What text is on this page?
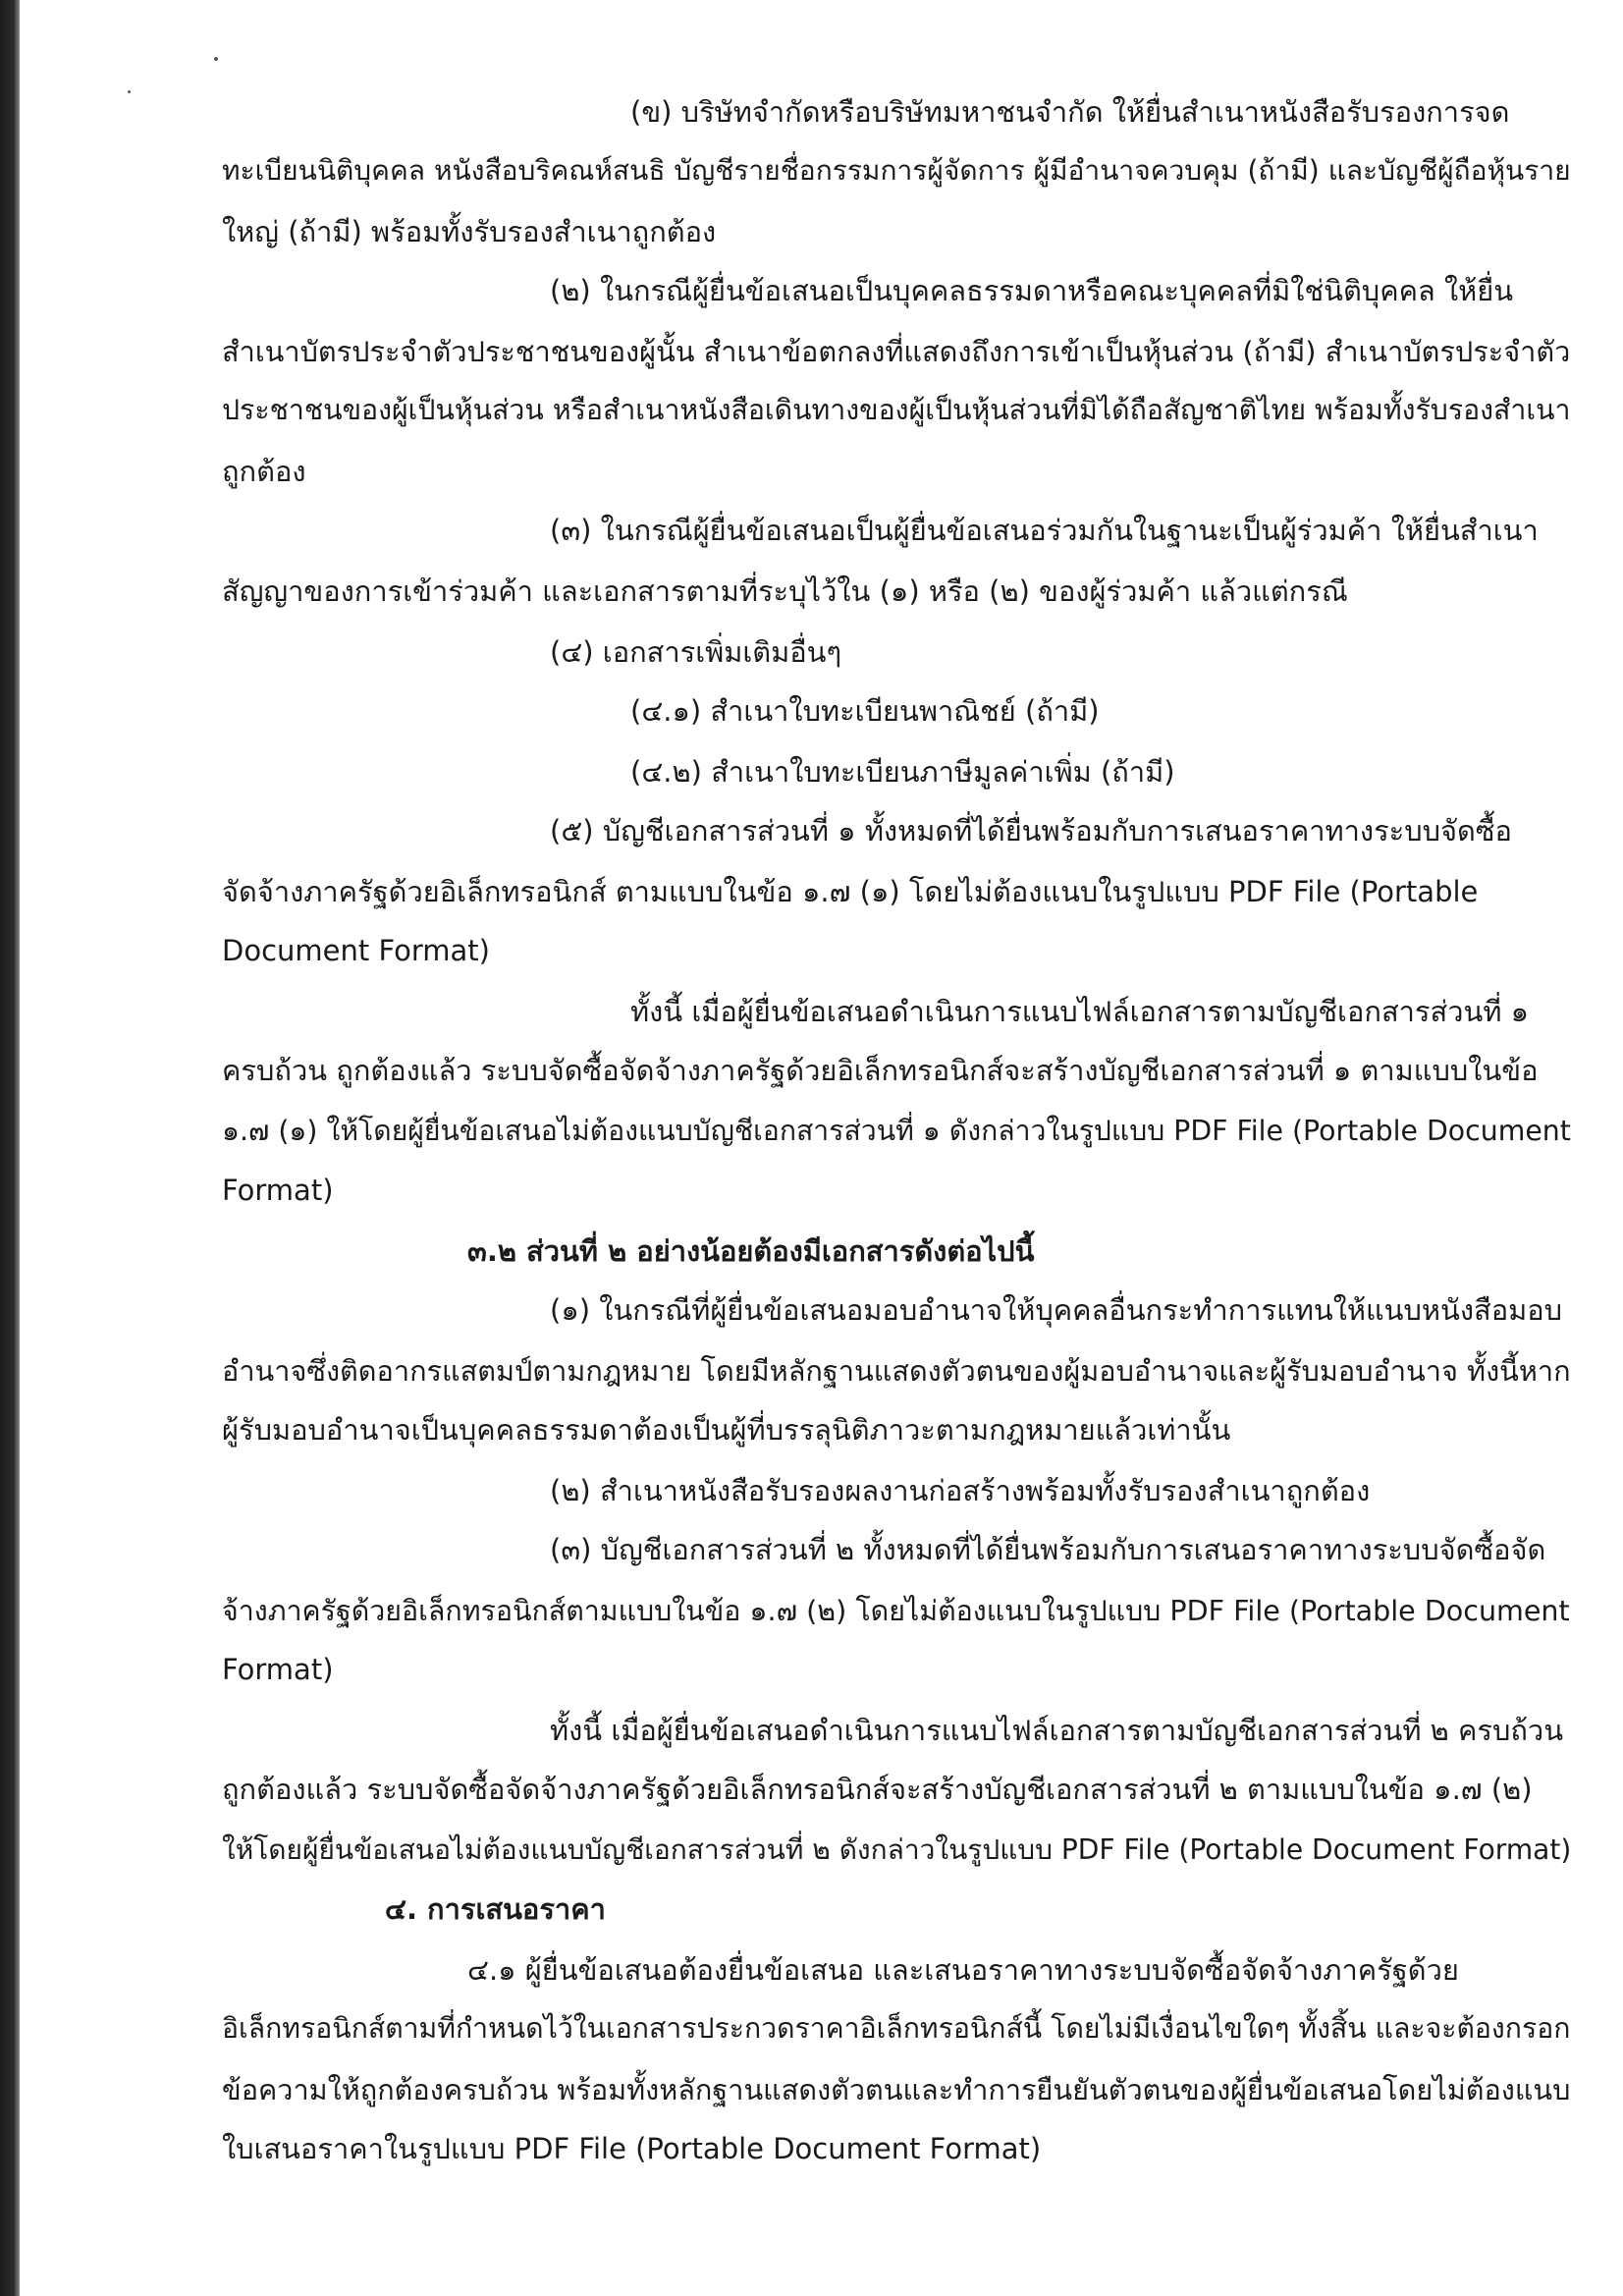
(ข) บริษัทจำกัดหรือบริษัทมหาชนจำกัด ให้ยื่นสำเนาหนังสือรับรองการจด
ทะเบียนนิติบุคคล หนังสือบริคณห์สนธิ บัญชีรายชื่อกรรมการผู้จัดการ ผู้มีอำนาจควบคุม (ถ้ามี) และบัญชีผู้ถือหุ้นราย
ใหญ่ (ถ้ามี) พร้อมทั้งรับรองสำเนาถูกต้อง
(๒) ในกรณีผู้ยื่นข้อเสนอเป็นบุคคลธรรมดาหรือคณะบุคคลที่มิใช่นิติบุคคล ให้ยื่น
สำเนาบัตรประจำตัวประชาชนของผู้นั้น สำเนาข้อตกลงที่แสดงถึงการเข้าเป็นหุ้นส่วน (ถ้ามี) สำเนาบัตรประจำตัว
ประชาชนของผู้เป็นหุ้นส่วน หรือสำเนาหนังสือเดินทางของผู้เป็นหุ้นส่วนที่มิได้ถือสัญชาติไทย พร้อมทั้งรับรองสำเนา
ถูกต้อง
(๓) ในกรณีผู้ยื่นข้อเสนอเป็นผู้ยื่นข้อเสนอร่วมกันในฐานะเป็นผู้ร่วมค้า ให้ยื่นสำเนา
สัญญาของการเข้าร่วมค้า และเอกสารตามที่ระบุไว้ใน (๑) หรือ (๒) ของผู้ร่วมค้า แล้วแต่กรณี
(๔) เอกสารเพิ่มเติมอื่นๆ
(๔.๑) สำเนาใบทะเบียนพาณิชย์ (ถ้ามี)
(๔.๒) สำเนาใบทะเบียนภาษีมูลค่าเพิ่ม (ถ้ามี)
(๕) บัญชีเอกสารส่วนที่ ๑ ทั้งหมดที่ได้ยื่นพร้อมกับการเสนอราคาทางระบบจัดซื้อ
จัดจ้างภาครัฐด้วยอิเล็กทรอนิกส์ ตามแบบในข้อ ๑.๗ (๑) โดยไม่ต้องแนบในรูปแบบ PDF File (Portable
Document Format)
ทั้งนี้ เมื่อผู้ยื่นข้อเสนอดำเนินการแนบไฟล์เอกสารตามบัญชีเอกสารส่วนที่ ๑
ครบถ้วน ถูกต้องแล้ว ระบบจัดซื้อจัดจ้างภาครัฐด้วยอิเล็กทรอนิกส์จะสร้างบัญชีเอกสารส่วนที่ ๑ ตามแบบในข้อ
๑.๗ (๑) ให้โดยผู้ยื่นข้อเสนอไม่ต้องแนบบัญชีเอกสารส่วนที่ ๑ ดังกล่าวในรูปแบบ PDF File (Portable Document
Format)
๓.๒ ส่วนที่ ๒ อย่างน้อยต้องมีเอกสารดังต่อไปนี้
(๑) ในกรณีที่ผู้ยื่นข้อเสนอมอบอำนาจให้บุคคลอื่นกระทำการแทนให้แนบหนังสือมอบ
อำนาจซึ่งติดอากรแสตมป์ตามกฎหมาย โดยมีหลักฐานแสดงตัวตนของผู้มอบอำนาจและผู้รับมอบอำนาจ ทั้งนี้หาก
ผู้รับมอบอำนาจเป็นบุคคลธรรมดาต้องเป็นผู้ที่บรรลุนิติภาวะตามกฎหมายแล้วเท่านั้น
(๒) สำเนาหนังสือรับรองผลงานก่อสร้างพร้อมทั้งรับรองสำเนาถูกต้อง
(๓) บัญชีเอกสารส่วนที่ ๒ ทั้งหมดที่ได้ยื่นพร้อมกับการเสนอราคาทางระบบจัดซื้อจัด
จ้างภาครัฐด้วยอิเล็กทรอนิกส์ตามแบบในข้อ ๑.๗ (๒) โดยไม่ต้องแนบในรูปแบบ PDF File (Portable Document
Format)
ทั้งนี้ เมื่อผู้ยื่นข้อเสนอดำเนินการแนบไฟล์เอกสารตามบัญชีเอกสารส่วนที่ ๒ ครบถ้วน
ถูกต้องแล้ว ระบบจัดซื้อจัดจ้างภาครัฐด้วยอิเล็กทรอนิกส์จะสร้างบัญชีเอกสารส่วนที่ ๒ ตามแบบในข้อ ๑.๗ (๒)
ให้โดยผู้ยื่นข้อเสนอไม่ต้องแนบบัญชีเอกสารส่วนที่ ๒ ดังกล่าวในรูปแบบ PDF File (Portable Document Format)
๔. การเสนอราคา
๔.๑ ผู้ยื่นข้อเสนอต้องยื่นข้อเสนอ และเสนอราคาทางระบบจัดซื้อจัดจ้างภาครัฐด้วย
อิเล็กทรอนิกส์ตามที่กำหนดไว้ในเอกสารประกวดราคาอิเล็กทรอนิกส์นี้ โดยไม่มีเงื่อนไขใดๆ ทั้งสิ้น และจะต้องกรอก
ข้อความให้ถูกต้องครบถ้วน พร้อมทั้งหลักฐานแสดงตัวตนและทำการยืนยันตัวตนของผู้ยื่นข้อเสนอโดยไม่ต้องแนบ
ใบเสนอราคาในรูปแบบ PDF File (Portable Document Format)
